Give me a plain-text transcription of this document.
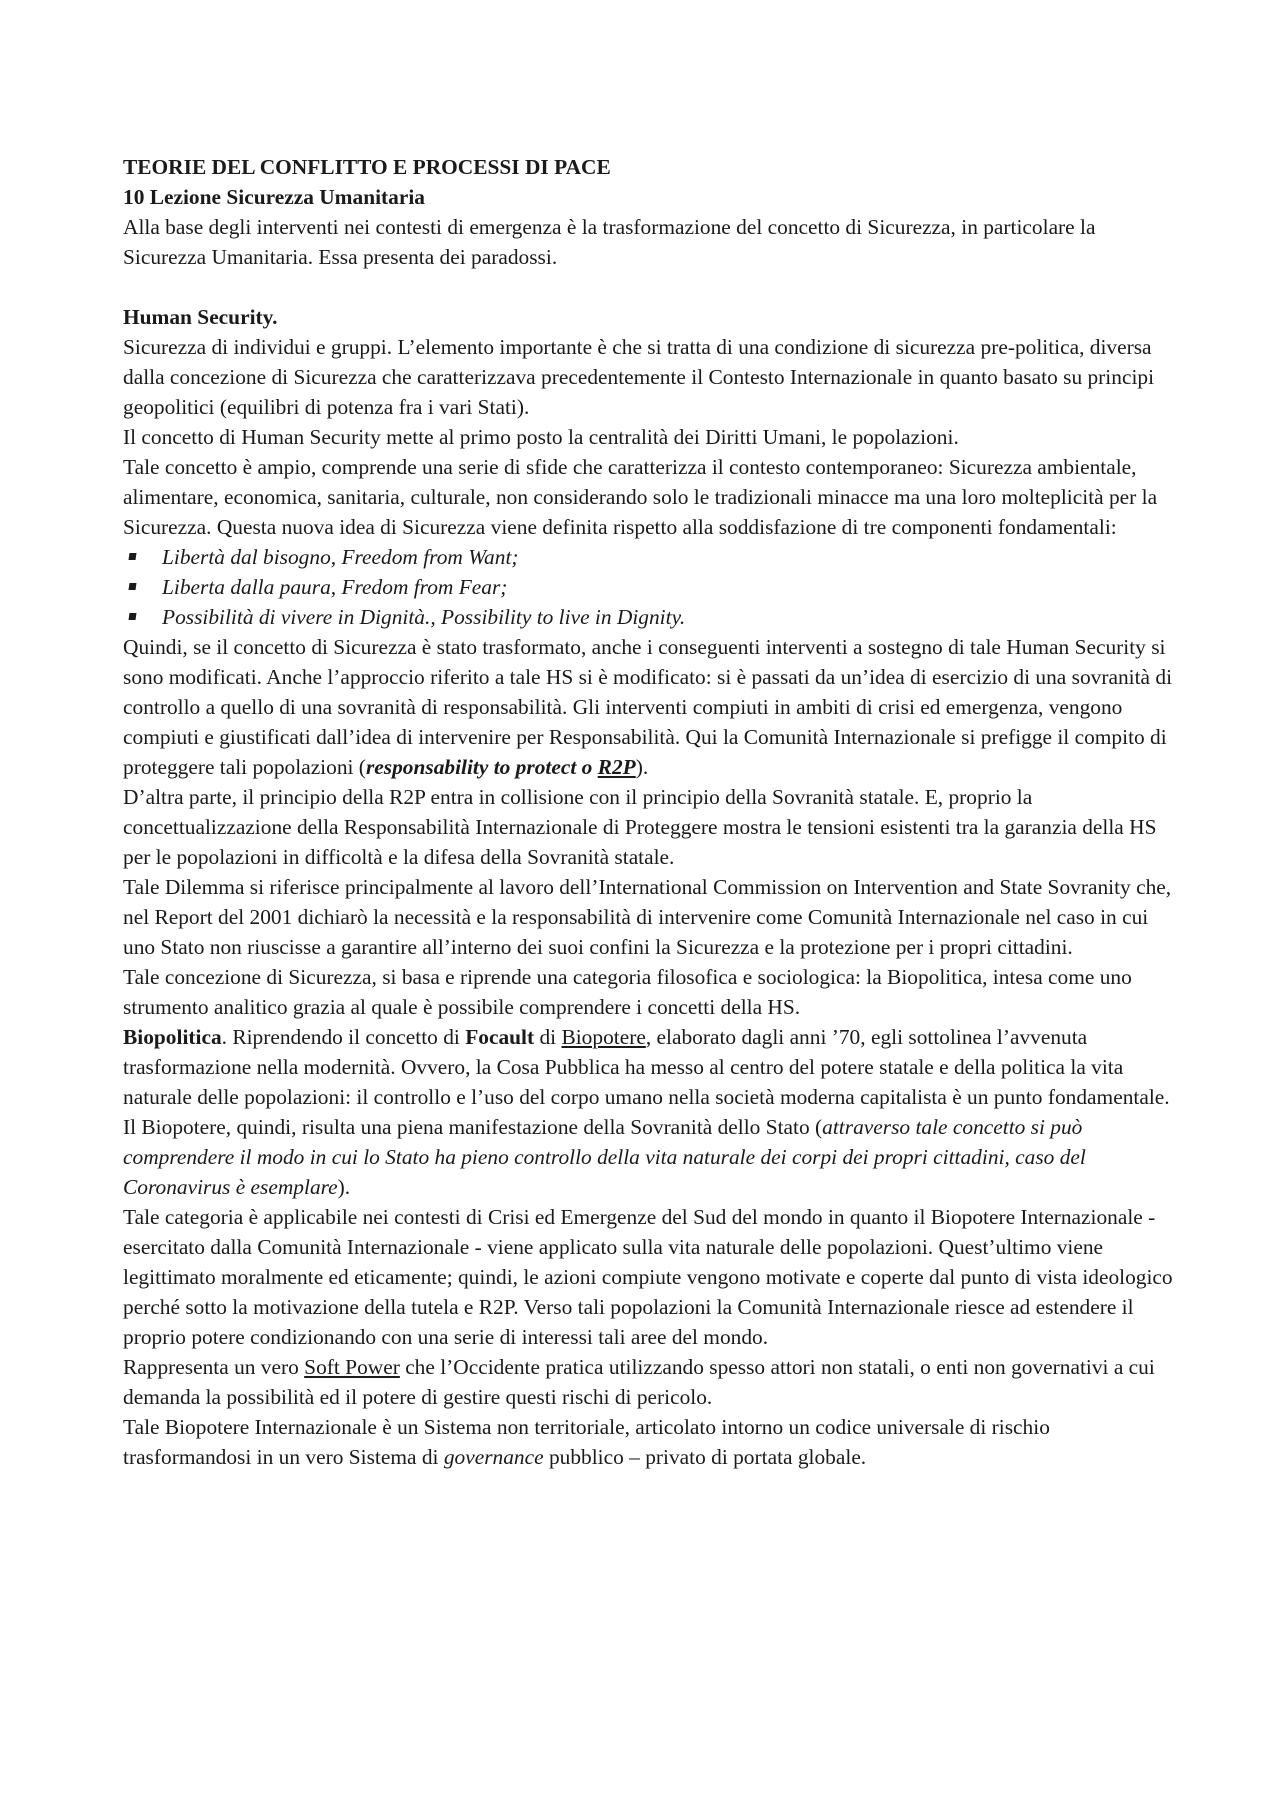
TEORIE DEL CONFLITTO E PROCESSI DI PACE

10 Lezione Sicurezza Umanitaria

Alla base degli interventi nei contesti di emergenza è la trasformazione del concetto di Sicurezza, in particolare la Sicurezza Umanitaria. Essa presenta dei paradossi.

Human Security.

Sicurezza di individui e gruppi. L’elemento importante è che si tratta di una condizione di sicurezza pre-politica, diversa dalla concezione di Sicurezza che caratterizzava precedentemente il Contesto Internazionale in quanto basato su principi geopolitici (equilibri di potenza fra i vari Stati).

Il concetto di Human Security mette al primo posto la centralità dei Diritti Umani, le popolazioni.

Tale concetto è ampio, comprende una serie di sfide che caratterizza il contesto contemporaneo: Sicurezza ambientale, alimentare, economica, sanitaria, culturale, non considerando solo le tradizionali minacce ma una loro molteplicità per la Sicurezza. Questa nuova idea di Sicurezza viene definita rispetto alla soddisfazione di tre componenti fondamentali:

Libertà dal bisogno, Freedom from Want;
Liberta dalla paura, Fredom from Fear;
Possibilità di vivere in Dignità., Possibility to live in Dignity.

Quindi, se il concetto di Sicurezza è stato trasformato, anche i conseguenti interventi a sostegno di tale Human Security si sono modificati. Anche l’approccio riferito a tale HS si è modificato: si è passati da un’idea di esercizio di una sovranità di controllo a quello di una sovranità di responsabilità. Gli interventi compiuti in ambiti di crisi ed emergenza, vengono compiuti e giustificati dall’idea di intervenire per Responsabilità. Qui la Comunità Internazionale si prefigge il compito di proteggere tali popolazioni (responsability to protect o R2P).

D’altra parte, il principio della R2P entra in collisione con il principio della Sovranità statale. E, proprio la concettualizzazione della Responsabilità Internazionale di Proteggere mostra le tensioni esistenti tra la garanzia della HS per le popolazioni in difficoltà e la difesa della Sovranità statale.

Tale Dilemma si riferisce principalmente al lavoro dell’International Commission on Intervention and State Sovranity che, nel Report del 2001 dichiarò la necessità e la responsabilità di intervenire come Comunità Internazionale nel caso in cui uno Stato non riuscisse a garantire all’interno dei suoi confini la Sicurezza e la protezione per i propri cittadini.

Tale concezione di Sicurezza, si basa e riprende una categoria filosofica e sociologica: la Biopolitica, intesa come uno strumento analitico grazia al quale è possibile comprendere i concetti della HS.

Biopolitica. Riprendendo il concetto di Focault di Biopotere, elaborato dagli anni ’70, egli sottolinea l’avvenuta trasformazione nella modernità. Ovvero, la Cosa Pubblica ha messo al centro del potere statale e della politica la vita naturale delle popolazioni: il controllo e l’uso del corpo umano nella società moderna capitalista è un punto fondamentale. Il Biopotere, quindi, risulta una piena manifestazione della Sovranità dello Stato (attraverso tale concetto si può comprendere il modo in cui lo Stato ha pieno controllo della vita naturale dei corpi dei propri cittadini, caso del Coronavirus è esemplare).

Tale categoria è applicabile nei contesti di Crisi ed Emergenze del Sud del mondo in quanto il Biopotere Internazionale - esercitato dalla Comunità Internazionale - viene applicato sulla vita naturale delle popolazioni. Quest’ultimo viene legittimato moralmente ed eticamente; quindi, le azioni compiute vengono motivate e coperte dal punto di vista ideologico perché sotto la motivazione della tutela e R2P. Verso tali popolazioni la Comunità Internazionale riesce ad estendere il proprio potere condizionando con una serie di interessi tali aree del mondo.

Rappresenta un vero Soft Power che l’Occidente pratica utilizzando spesso attori non statali, o enti non governativi a cui demanda la possibilità ed il potere di gestire questi rischi di pericolo.

Tale Biopotere Internazionale è un Sistema non territoriale, articolato intorno un codice universale di rischio trasformandosi in un vero Sistema di governance pubblico – privato di portata globale.
